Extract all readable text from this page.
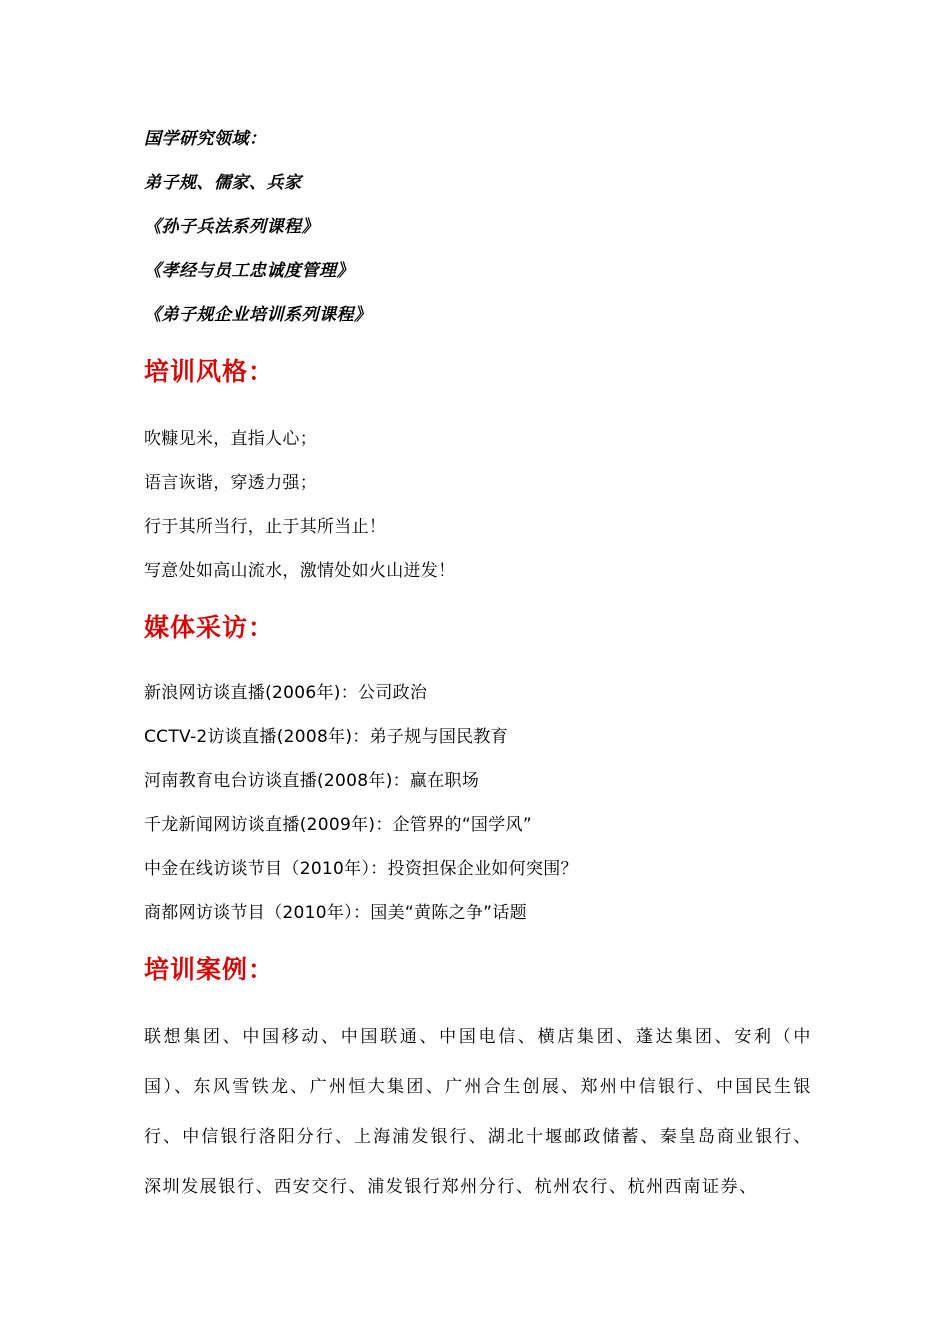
国学研究领域：
弟子规、儒家、兵家
《孙子兵法系列课程》
《孝经与员工忠诚度管理》
《弟子规企业培训系列课程》
培训风格：
吹糠见米，直指人心；
语言诙谐，穿透力强；
行于其所当行，止于其所当止！
写意处如高山流水，激情处如火山迸发！
媒体采访：
新浪网访谈直播(2006年)：公司政治
CCTV-2访谈直播(2008年)：弟子规与国民教育
河南教育电台访谈直播(2008年)：赢在职场
千龙新闻网访谈直播(2009年)：企管界的“国学风”
中金在线访谈节目（2010年）：投资担保企业如何突围？
商都网访谈节目（2010年）：国美“黄陈之争”话题
培训案例：
联想集团、中国移动、中国联通、中国电信、横店集团、蓬达集团、安利（中国）、东风雪铁龙、广州恒大集团、广州合生创展、郑州中信银行、中国民生银行、中信银行洛阳分行、上海浦发银行、湖北十堰邮政储蓄、秦皇岛商业银行、深圳发展银行、西安交行、浦发银行郑州分行、杭州农行、杭州西南证券、
